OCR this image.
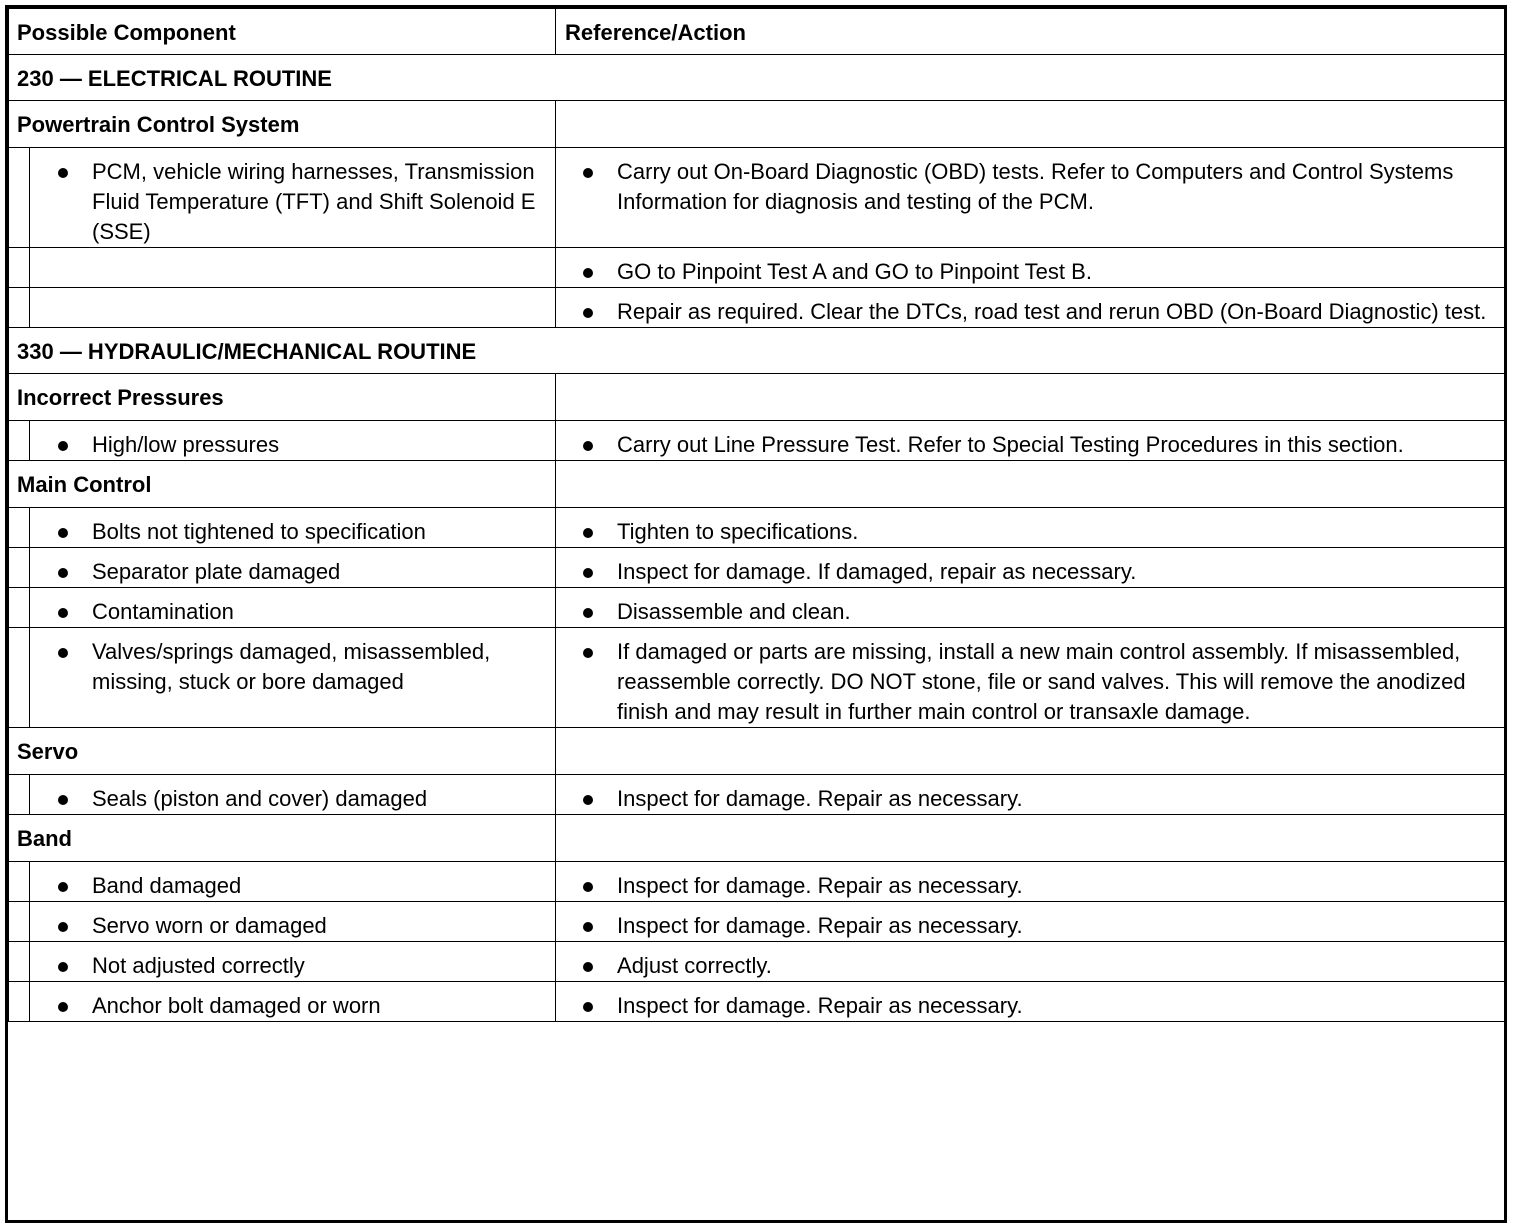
Possible Component		Reference/Action
230 — ELECTRICAL ROUTINE		
Powertrain Control System		

	PCM, vehicle wiring harnesses, Transmission Fluid Temperature (TFT) and Shift Solenoid E (SSE)	Carry out On-Board Diagnostic (OBD) tests. Refer to Computers and Control Systems Information for diagnosis and testing of the PCM.

		GO to Pinpoint Test A and GO to Pinpoint Test B.

		Repair as required. Clear the DTCs, road test and rerun OBD (On-Board Diagnostic) test.

330 — HYDRAULIC/MECHANICAL ROUTINE		
Incorrect Pressures		

	High/low pressures	Carry out Line Pressure Test. Refer to Special Testing Procedures in this section.

Main Control		

	Bolts not tightened to specification	Tighten to specifications.

	Separator plate damaged	Inspect for damage. If damaged, repair as necessary.

	Contamination	Disassemble and clean.

	Valves/springs damaged, misassembled, missing, stuck or bore damaged	If damaged or parts are missing, install a new main control assembly. If misassembled, reassemble correctly. DO NOT stone, file or sand valves. This will remove the anodized finish and may result in further main control or transaxle damage.

Servo		

	Seals (piston and cover) damaged	Inspect for damage. Repair as necessary.

Band		

	Band damaged	Inspect for damage. Repair as necessary.

	Servo worn or damaged	Inspect for damage. Repair as necessary.

	Not adjusted correctly	Adjust correctly.

	Anchor bolt damaged or worn	Inspect for damage. Repair as necessary.
